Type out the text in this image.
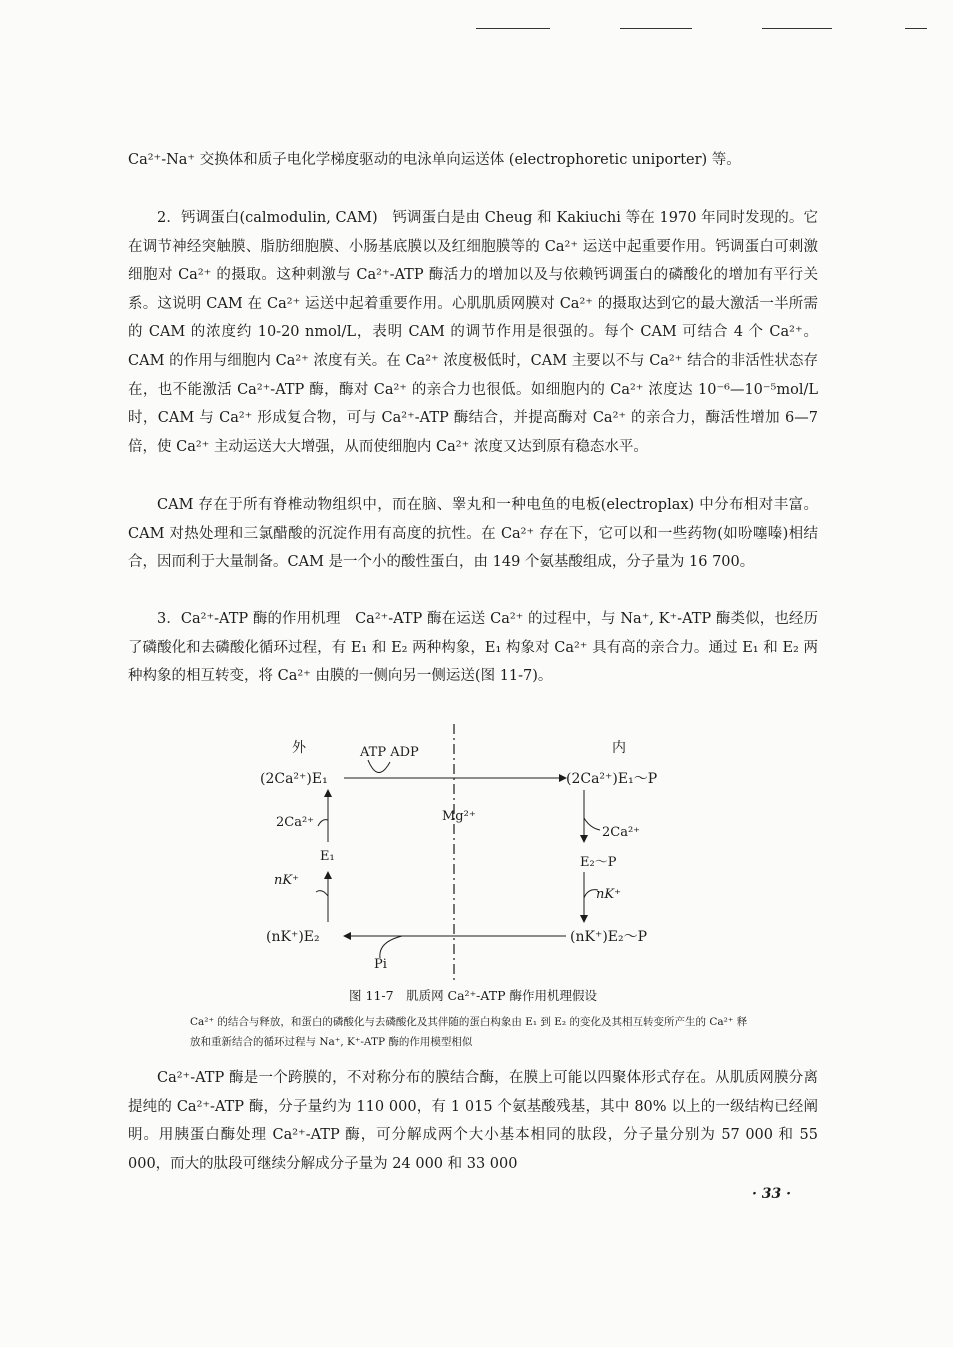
Ca²⁺-Na⁺ 交换体和质子电化学梯度驱动的电泳单向运送体 (electrophoretic uniporter) 等。

2．钙调蛋白(calmodulin, CAM)　钙调蛋白是由 Cheug 和 Kakiuchi 等在 1970 年同时发现的。它在调节神经突触膜、脂肪细胞膜、小肠基底膜以及红细胞膜等的 Ca²⁺ 运送中起重要作用。钙调蛋白可刺激细胞对 Ca²⁺ 的摄取。这种刺激与 Ca²⁺-ATP 酶活力的增加以及与依赖钙调蛋白的磷酸化的增加有平行关系。这说明 CAM 在 Ca²⁺ 运送中起着重要作用。心肌肌质网膜对 Ca²⁺ 的摄取达到它的最大激活一半所需的 CAM 的浓度约 10-20 nmol/L，表明 CAM 的调节作用是很强的。每个 CAM 可结合 4 个 Ca²⁺。CAM 的作用与细胞内 Ca²⁺ 浓度有关。在 Ca²⁺ 浓度极低时，CAM 主要以不与 Ca²⁺ 结合的非活性状态存在，也不能激活 Ca²⁺-ATP 酶，酶对 Ca²⁺ 的亲合力也很低。如细胞内的 Ca²⁺ 浓度达 10⁻⁶—10⁻⁵mol/L 时，CAM 与 Ca²⁺ 形成复合物，可与 Ca²⁺-ATP 酶结合，并提高酶对 Ca²⁺ 的亲合力，酶活性增加 6—7 倍，使 Ca²⁺ 主动运送大大增强，从而使细胞内 Ca²⁺ 浓度又达到原有稳态水平。

CAM 存在于所有脊椎动物组织中，而在脑、睾丸和一种电鱼的电板(electroplax) 中分布相对丰富。CAM 对热处理和三氯醋酸的沉淀作用有高度的抗性。在 Ca²⁺ 存在下，它可以和一些药物(如吩噻嗪)相结合，因而利于大量制备。CAM 是一个小的酸性蛋白，由 149 个氨基酸组成，分子量为 16 700。

3．Ca²⁺-ATP 酶的作用机理　Ca²⁺-ATP 酶在运送 Ca²⁺ 的过程中，与 Na⁺, K⁺-ATP 酶类似，也经历了磷酸化和去磷酸化循环过程，有 E₁ 和 E₂ 两种构象，E₁ 构象对 Ca²⁺ 具有高的亲合力。通过 E₁ 和 E₂ 两种构象的相互转变，将 Ca²⁺ 由膜的一侧向另一侧运送(图 11-7)。

外	内
ATP ADP
(2Ca²⁺)E₁	(2Ca²⁺)E₁～P
Mg²⁺
2Ca²⁺
2Ca²⁺
E₁	E₂～P
nK⁺
nK⁺
(nK⁺)E₂	(nK⁺)E₂～P
Pi

图 11-7　肌质网 Ca²⁺-ATP 酶作用机理假设

Ca²⁺ 的结合与释放，和蛋白的磷酸化与去磷酸化及其伴随的蛋白构象由 E₁ 到 E₂ 的变化及其相互转变所产生的 Ca²⁺ 释放和重新结合的循环过程与 Na⁺, K⁺-ATP 酶的作用模型相似

Ca²⁺-ATP 酶是一个跨膜的，不对称分布的膜结合酶，在膜上可能以四聚体形式存在。从肌质网膜分离提纯的 Ca²⁺-ATP 酶，分子量约为 110 000，有 1 015 个氨基酸残基，其中 80% 以上的一级结构已经阐明。用胰蛋白酶处理 Ca²⁺-ATP 酶，可分解成两个大小基本相同的肽段，分子量分别为 57 000 和 55 000，而大的肽段可继续分解成分子量为 24 000 和 33 000

· 33 ·
